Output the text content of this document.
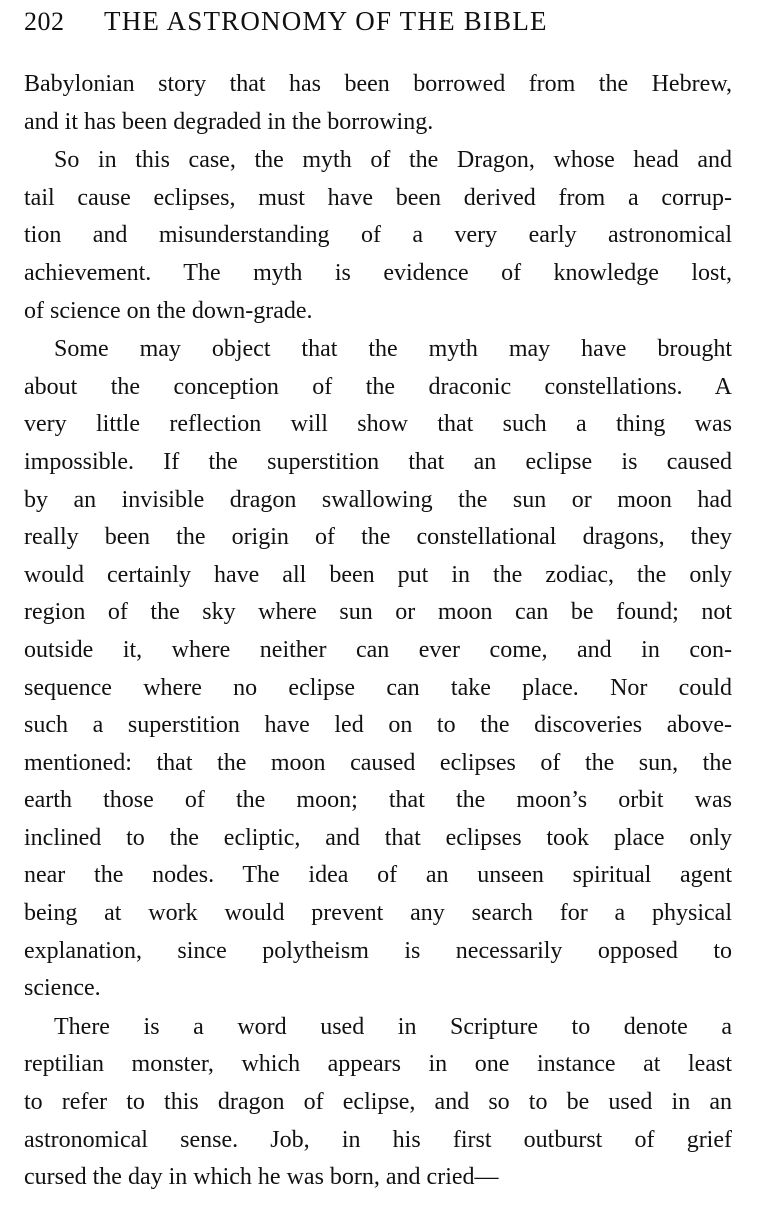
202	THE ASTRONOMY OF THE BIBLE

Babylonian story that has been borrowed from the Hebrew,
and it has been degraded in the borrowing.

So in this case, the myth of the Dragon, whose head and
tail cause eclipses, must have been derived from a corrup-
tion and misunderstanding of a very early astronomical
achievement. The myth is evidence of knowledge lost,
of science on the down-grade.

Some may object that the myth may have brought
about the conception of the draconic constellations. A
very little reflection will show that such a thing was
impossible. If the superstition that an eclipse is caused
by an invisible dragon swallowing the sun or moon had
really been the origin of the constellational dragons, they
would certainly have all been put in the zodiac, the only
region of the sky where sun or moon can be found; not
outside it, where neither can ever come, and in con-
sequence where no eclipse can take place. Nor could
such a superstition have led on to the discoveries above-
mentioned: that the moon caused eclipses of the sun, the
earth those of the moon; that the moon’s orbit was
inclined to the ecliptic, and that eclipses took place only
near the nodes. The idea of an unseen spiritual agent
being at work would prevent any search for a physical
explanation, since polytheism is necessarily opposed to
science.

There is a word used in Scripture to denote a
reptilian monster, which appears in one instance at least
to refer to this dragon of eclipse, and so to be used in an
astronomical sense. Job, in his first outburst of grief
cursed the day in which he was born, and cried—
